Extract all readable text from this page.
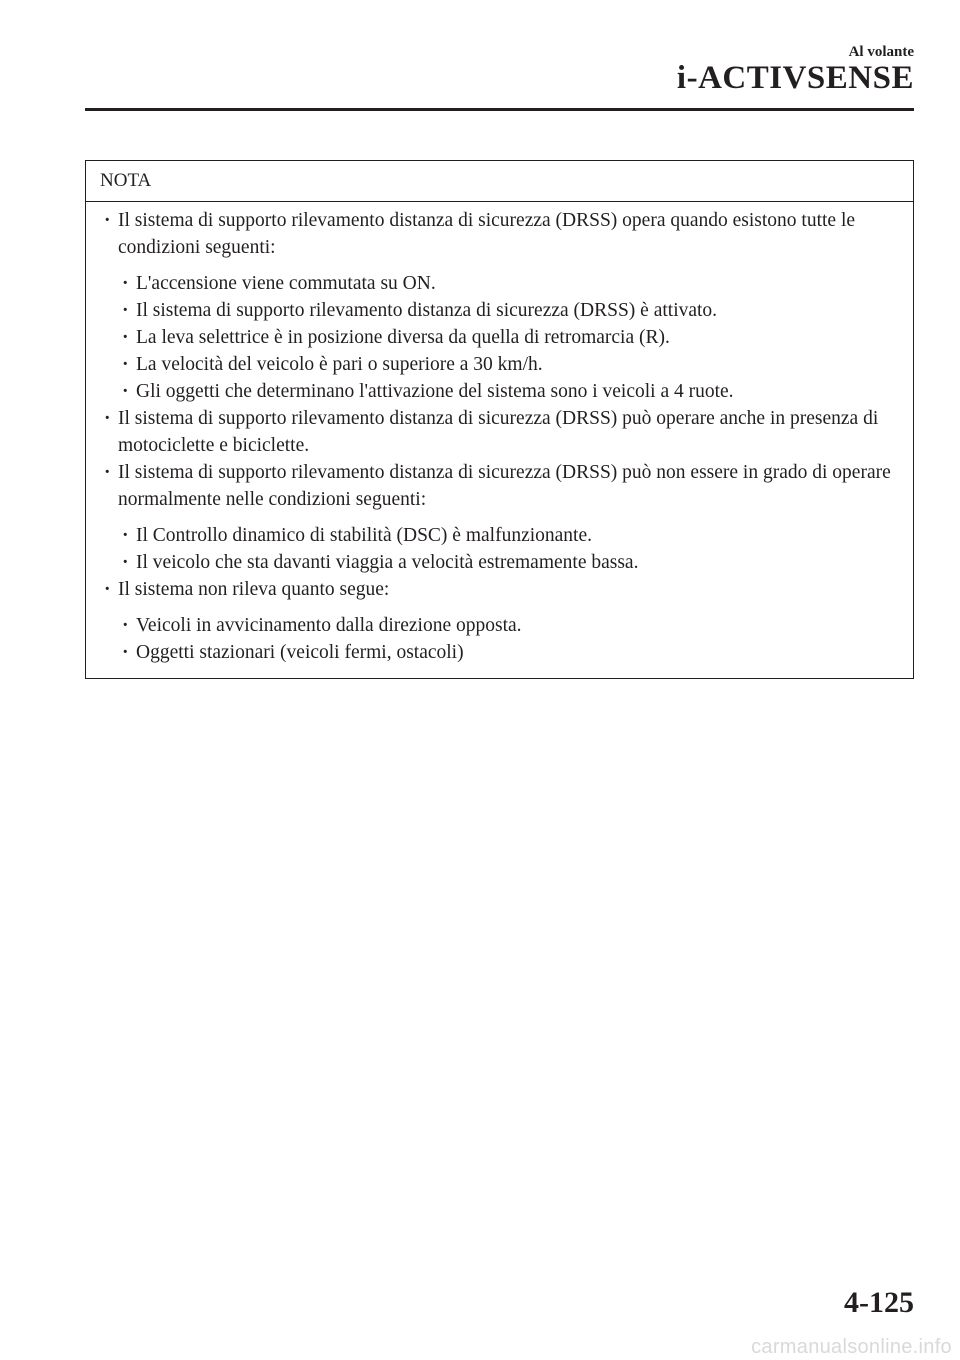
Al volante
i-ACTIVSENSE
NOTA
· Il sistema di supporto rilevamento distanza di sicurezza (DRSS) opera quando esistono tutte le condizioni seguenti:
· L'accensione viene commutata su ON.
· Il sistema di supporto rilevamento distanza di sicurezza (DRSS) è attivato.
· La leva selettrice è in posizione diversa da quella di retromarcia (R).
· La velocità del veicolo è pari o superiore a 30 km/h.
· Gli oggetti che determinano l'attivazione del sistema sono i veicoli a 4 ruote.
· Il sistema di supporto rilevamento distanza di sicurezza (DRSS) può operare anche in presenza di motociclette e biciclette.
· Il sistema di supporto rilevamento distanza di sicurezza (DRSS) può non essere in grado di operare normalmente nelle condizioni seguenti:
· Il Controllo dinamico di stabilità (DSC) è malfunzionante.
· Il veicolo che sta davanti viaggia a velocità estremamente bassa.
· Il sistema non rileva quanto segue:
· Veicoli in avvicinamento dalla direzione opposta.
· Oggetti stazionari (veicoli fermi, ostacoli)
4-125
carmanualsonline.info
